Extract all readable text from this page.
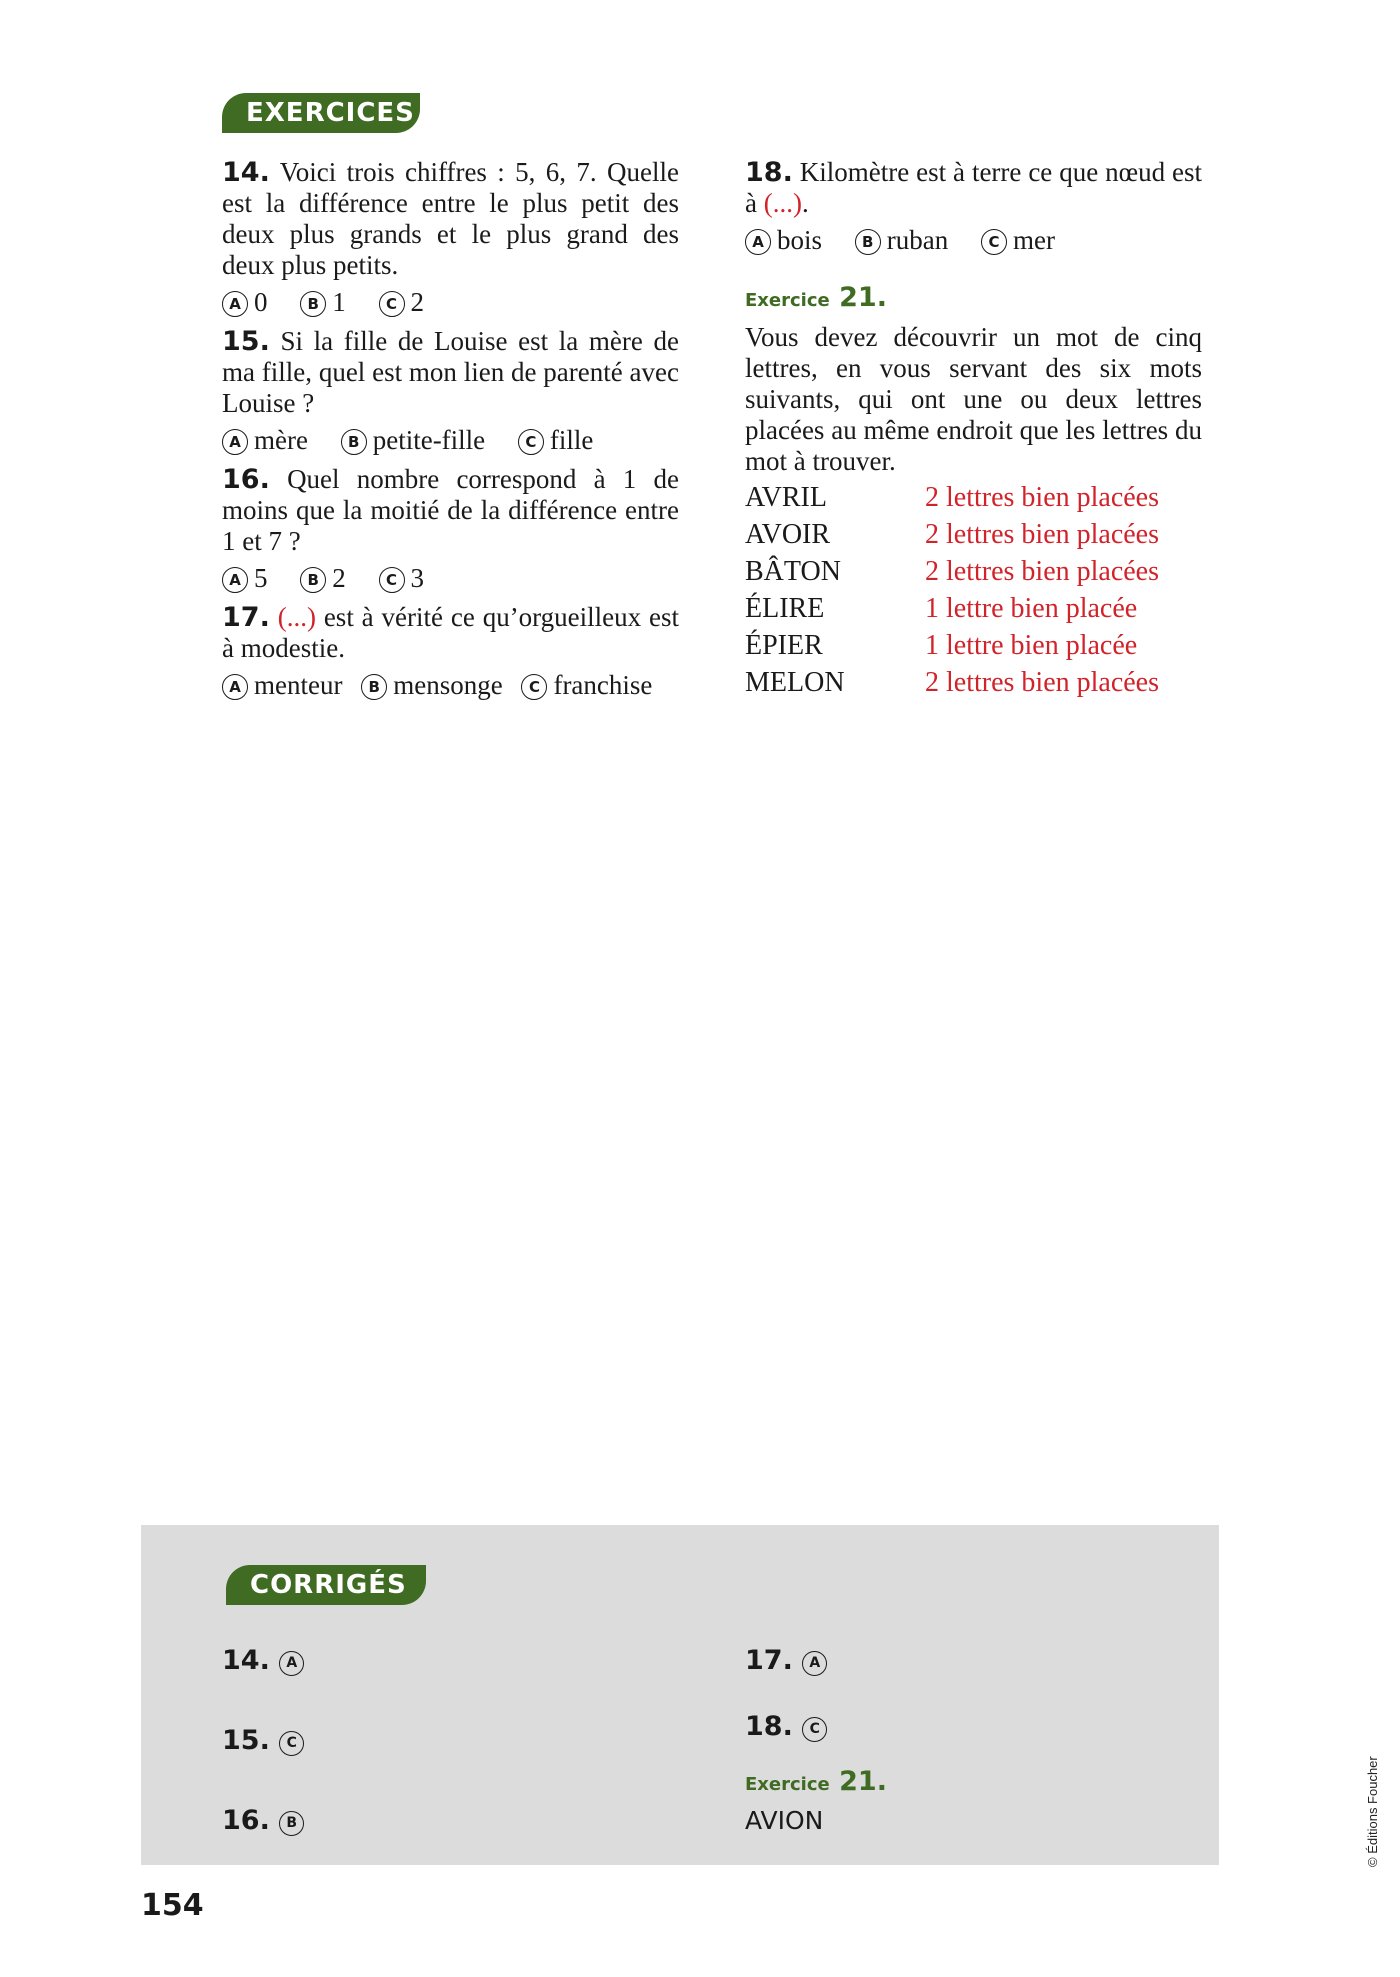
EXERCICES

14. Voici trois chiffres : 5, 6, 7. Quelle est la différence entre le plus petit des deux plus grands et le plus grand des deux plus petits.

A 0	B 1	C 2

15. Si la fille de Louise est la mère de ma fille, quel est mon lien de parenté avec Louise ?

A mère	B petite-fille	C fille

16. Quel nombre correspond à 1 de moins que la moitié de la différence entre 1 et 7 ?

A 5	B 2	C 3

17. (...) est à vérité ce qu’orgueilleux est à modestie.

A menteur B mensonge C franchise

18. Kilomètre est à terre ce que nœud est à (...).

A bois	B ruban	C mer
Exercice 21.

Vous devez découvrir un mot de cinq lettres, en vous servant des six mots suivants, qui ont une ou deux lettres placées au même endroit que les lettres du mot à trouver.

AVRIL	2 lettres bien placées
AVOIR	2 lettres bien placées
BÂTON	2 lettres bien placées
ÉLIRE	1 lettre bien placée
ÉPIER	1 lettre bien placée
MELON	2 lettres bien placées
CORRIGÉS
14. A
15. C
16. B
17. A
18. C
Exercice 21.
AVION
154
© Éditions Foucher
